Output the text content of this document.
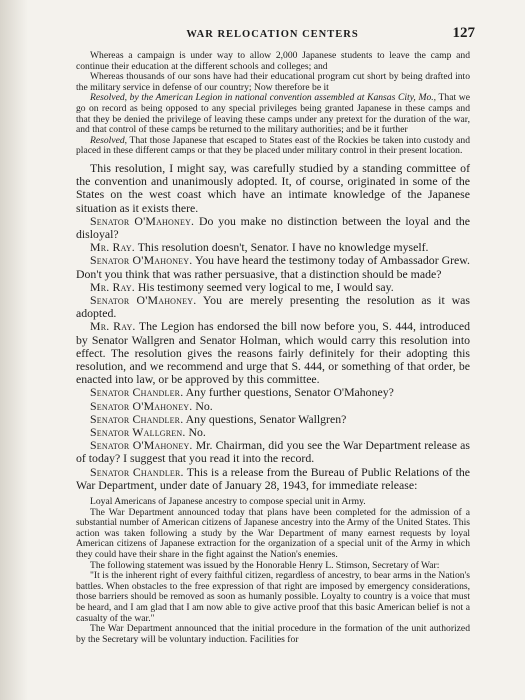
WAR RELOCATION CENTERS	127

Whereas a campaign is under way to allow 2,000 Japanese students to leave the camp and continue their education at the different schools and colleges; and

Whereas thousands of our sons have had their educational program cut short by being drafted into the military service in defense of our country; Now therefore be it

Resolved, by the American Legion in national convention assembled at Kansas City, Mo., That we go on record as being opposed to any special privileges being granted Japanese in these camps and that they be denied the privilege of leaving these camps under any pretext for the duration of the war, and that control of these camps be returned to the military authorities; and be it further

Resolved, That those Japanese that escaped to States east of the Rockies be taken into custody and placed in these different camps or that they be placed under military control in their present location.

This resolution, I might say, was carefully studied by a standing committee of the convention and unanimously adopted. It, of course, originated in some of the States on the west coast which have an intimate knowledge of the Japanese situation as it exists there.

Senator O'Mahoney. Do you make no distinction between the loyal and the disloyal?

Mr. Ray. This resolution doesn't, Senator. I have no knowledge myself.

Senator O'Mahoney. You have heard the testimony today of Ambassador Grew. Don't you think that was rather persuasive, that a distinction should be made?

Mr. Ray. His testimony seemed very logical to me, I would say.

Senator O'Mahoney. You are merely presenting the resolution as it was adopted.

Mr. Ray. The Legion has endorsed the bill now before you, S. 444, introduced by Senator Wallgren and Senator Holman, which would carry this resolution into effect. The resolution gives the reasons fairly definitely for their adopting this resolution, and we recommend and urge that S. 444, or something of that order, be enacted into law, or be approved by this committee.

Senator Chandler. Any further questions, Senator O'Mahoney?

Senator O'Mahoney. No.

Senator Chandler. Any questions, Senator Wallgren?

Senator Wallgren. No.

Senator O'Mahoney. Mr. Chairman, did you see the War Department release as of today? I suggest that you read it into the record.

Senator Chandler. This is a release from the Bureau of Public Relations of the War Department, under date of January 28, 1943, for immediate release:

Loyal Americans of Japanese ancestry to compose special unit in Army.

The War Department announced today that plans have been completed for the admission of a substantial number of American citizens of Japanese ancestry into the Army of the United States. This action was taken following a study by the War Department of many earnest requests by loyal American citizens of Japanese extraction for the organization of a special unit of the Army in which they could have their share in the fight against the Nation's enemies.

The following statement was issued by the Honorable Henry L. Stimson, Secretary of War:

"It is the inherent right of every faithful citizen, regardless of ancestry, to bear arms in the Nation's battles. When obstacles to the free expression of that right are imposed by emergency considerations, those barriers should be removed as soon as humanly possible. Loyalty to country is a voice that must be heard, and I am glad that I am now able to give active proof that this basic American belief is not a casualty of the war."

The War Department announced that the initial procedure in the formation of the unit authorized by the Secretary will be voluntary induction. Facilities for
